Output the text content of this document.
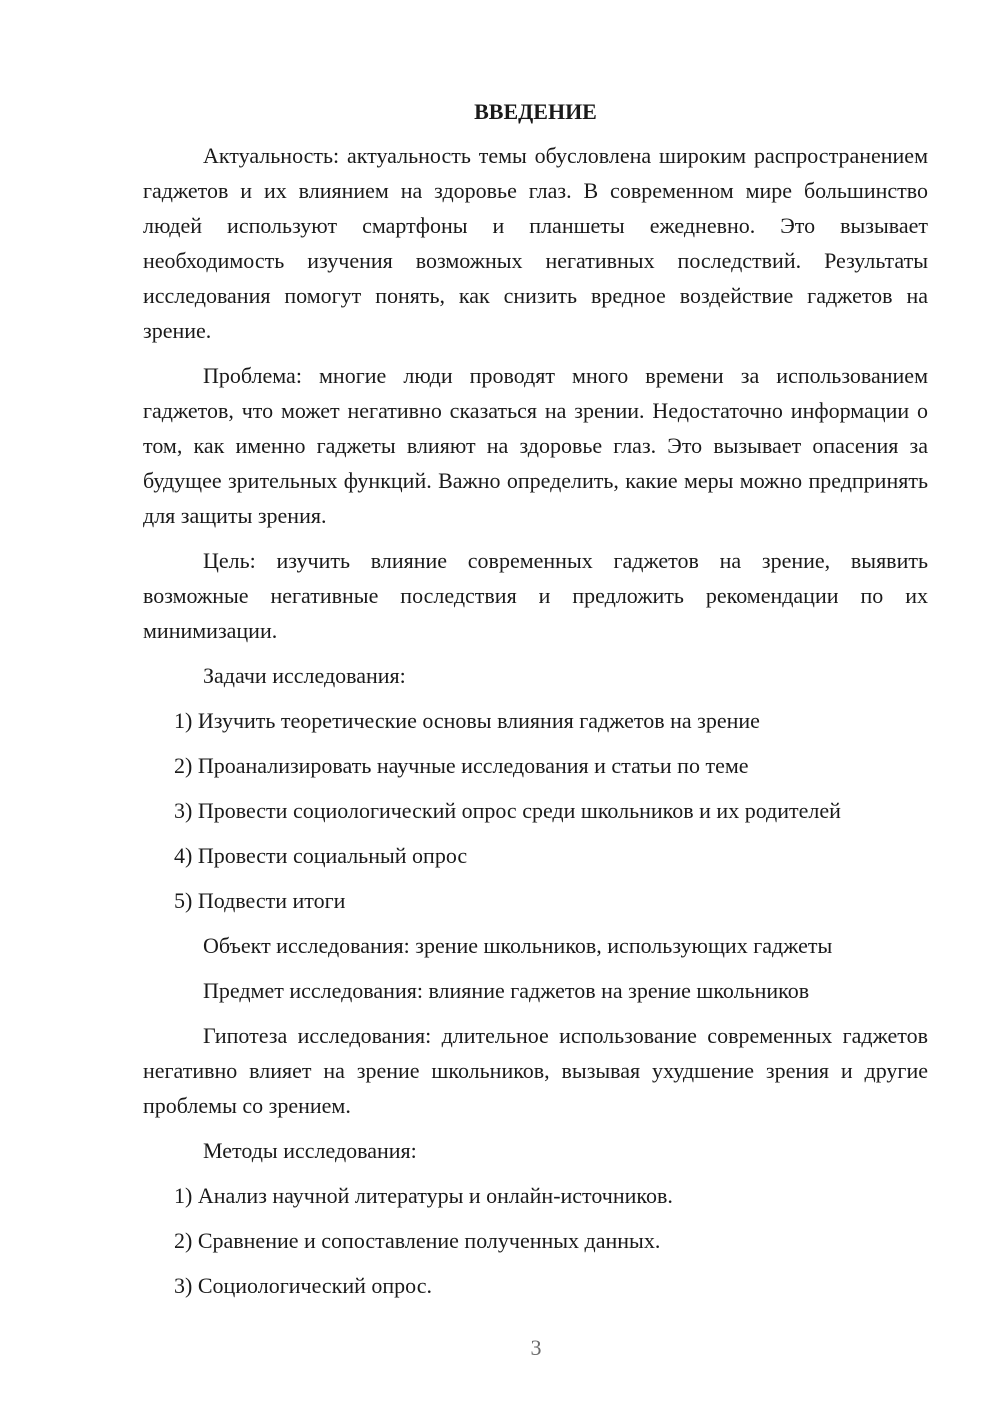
ВВЕДЕНИЕ

Актуальность: актуальность темы обусловлена широким распространением гаджетов и их влиянием на здоровье глаз. В современном мире большинство людей используют смартфоны и планшеты ежедневно. Это вызывает необходимость изучения возможных негативных последствий. Результаты исследования помогут понять, как снизить вредное воздействие гаджетов на зрение.

Проблема: многие люди проводят много времени за использованием гаджетов, что может негативно сказаться на зрении. Недостаточно информации о том, как именно гаджеты влияют на здоровье глаз. Это вызывает опасения за будущее зрительных функций. Важно определить, какие меры можно предпринять для защиты зрения.

Цель: изучить влияние современных гаджетов на зрение, выявить возможные негативные последствия и предложить рекомендации по их минимизации.

Задачи исследования:
1) Изучить теоретические основы влияния гаджетов на зрение
2) Проанализировать научные исследования и статьи по теме
3) Провести социологический опрос среди школьников и их родителей
4) Провести социальный опрос
5) Подвести итоги
Объект исследования: зрение школьников, использующих гаджеты
Предмет исследования: влияние гаджетов на зрение школьников

Гипотеза исследования: длительное использование современных гаджетов негативно влияет на зрение школьников, вызывая ухудшение зрения и другие проблемы со зрением.

Методы исследования:
1) Анализ научной литературы и онлайн-источников.
2) Сравнение и сопоставление полученных данных.
3) Социологический опрос.
3
